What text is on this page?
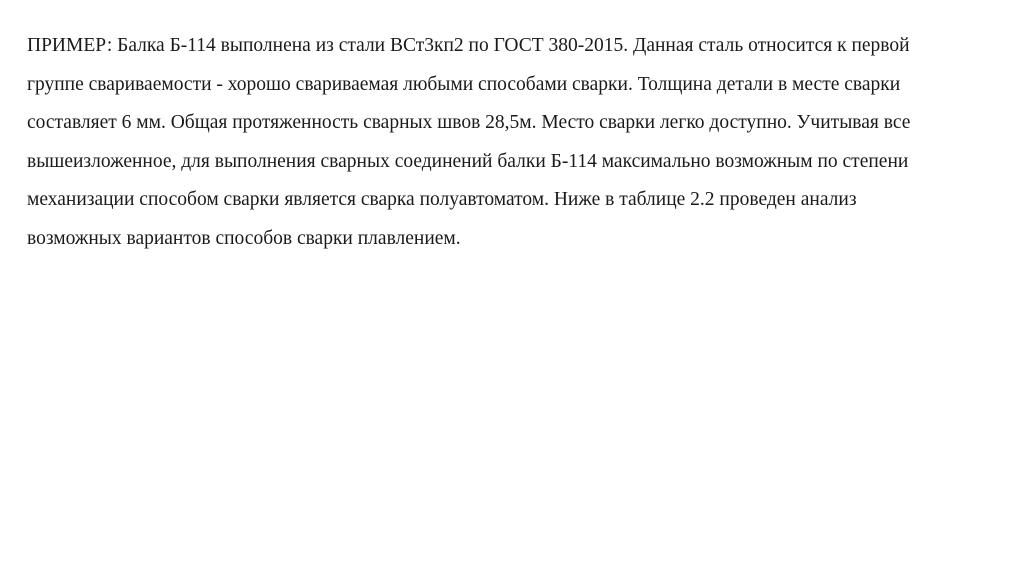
ПРИМЕР: Балка Б-114 выполнена из стали ВСт3кп2 по ГОСТ 380-2015. Данная сталь относится к первой
группе свариваемости - хорошо свариваемая любыми способами сварки. Толщина детали в месте сварки
составляет 6 мм. Общая протяженность сварных швов 28,5м. Место сварки легко доступно. Учитывая все
вышеизложенное, для выполнения сварных соединений балки Б-114 максимально возможным по степени
механизации способом сварки является сварка полуавтоматом. Ниже в таблице 2.2 проведен анализ
возможных вариантов способов сварки плавлением.
